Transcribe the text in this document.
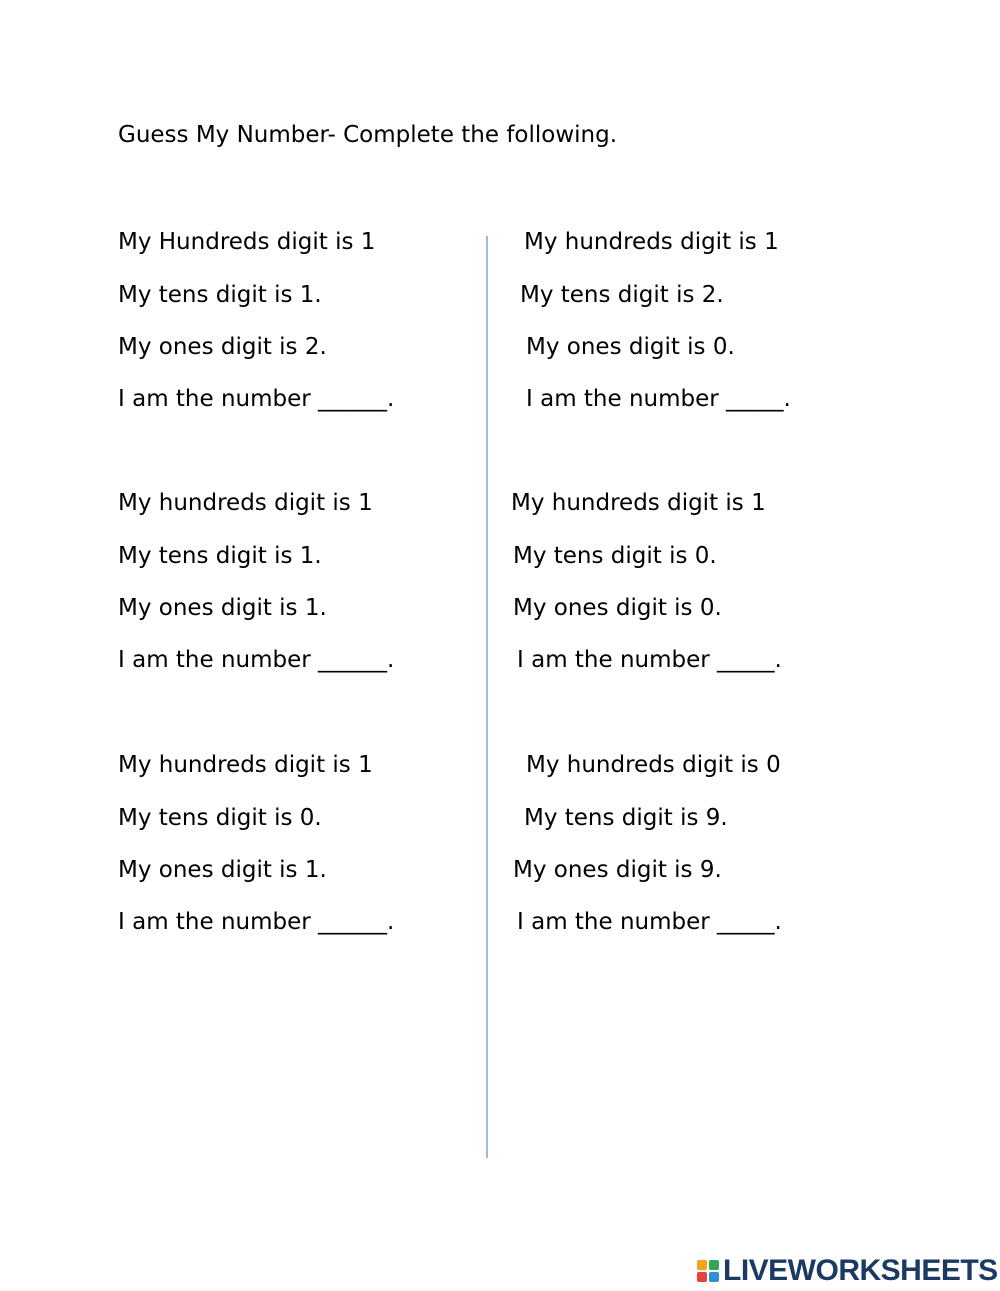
Guess My Number- Complete the following.
My Hundreds digit is 1
My tens digit is 1.
My ones digit is 2.
I am the number ______.
My hundreds digit is 1
My tens digit is 1.
My ones digit is 1.
I am the number ______.
My hundreds digit is 1
My tens digit is 0.
My ones digit is 1.
I am the number ______.
My hundreds digit is 1
My tens digit is 2.
My ones digit is 0.
I am the number _____.
My hundreds digit is 1
My tens digit is 0.
My ones digit is 0.
I am the number _____.
My hundreds digit is 0
My tens digit is 9.
My ones digit is 9.
I am the number _____.
LIVEWORKSHEETS
